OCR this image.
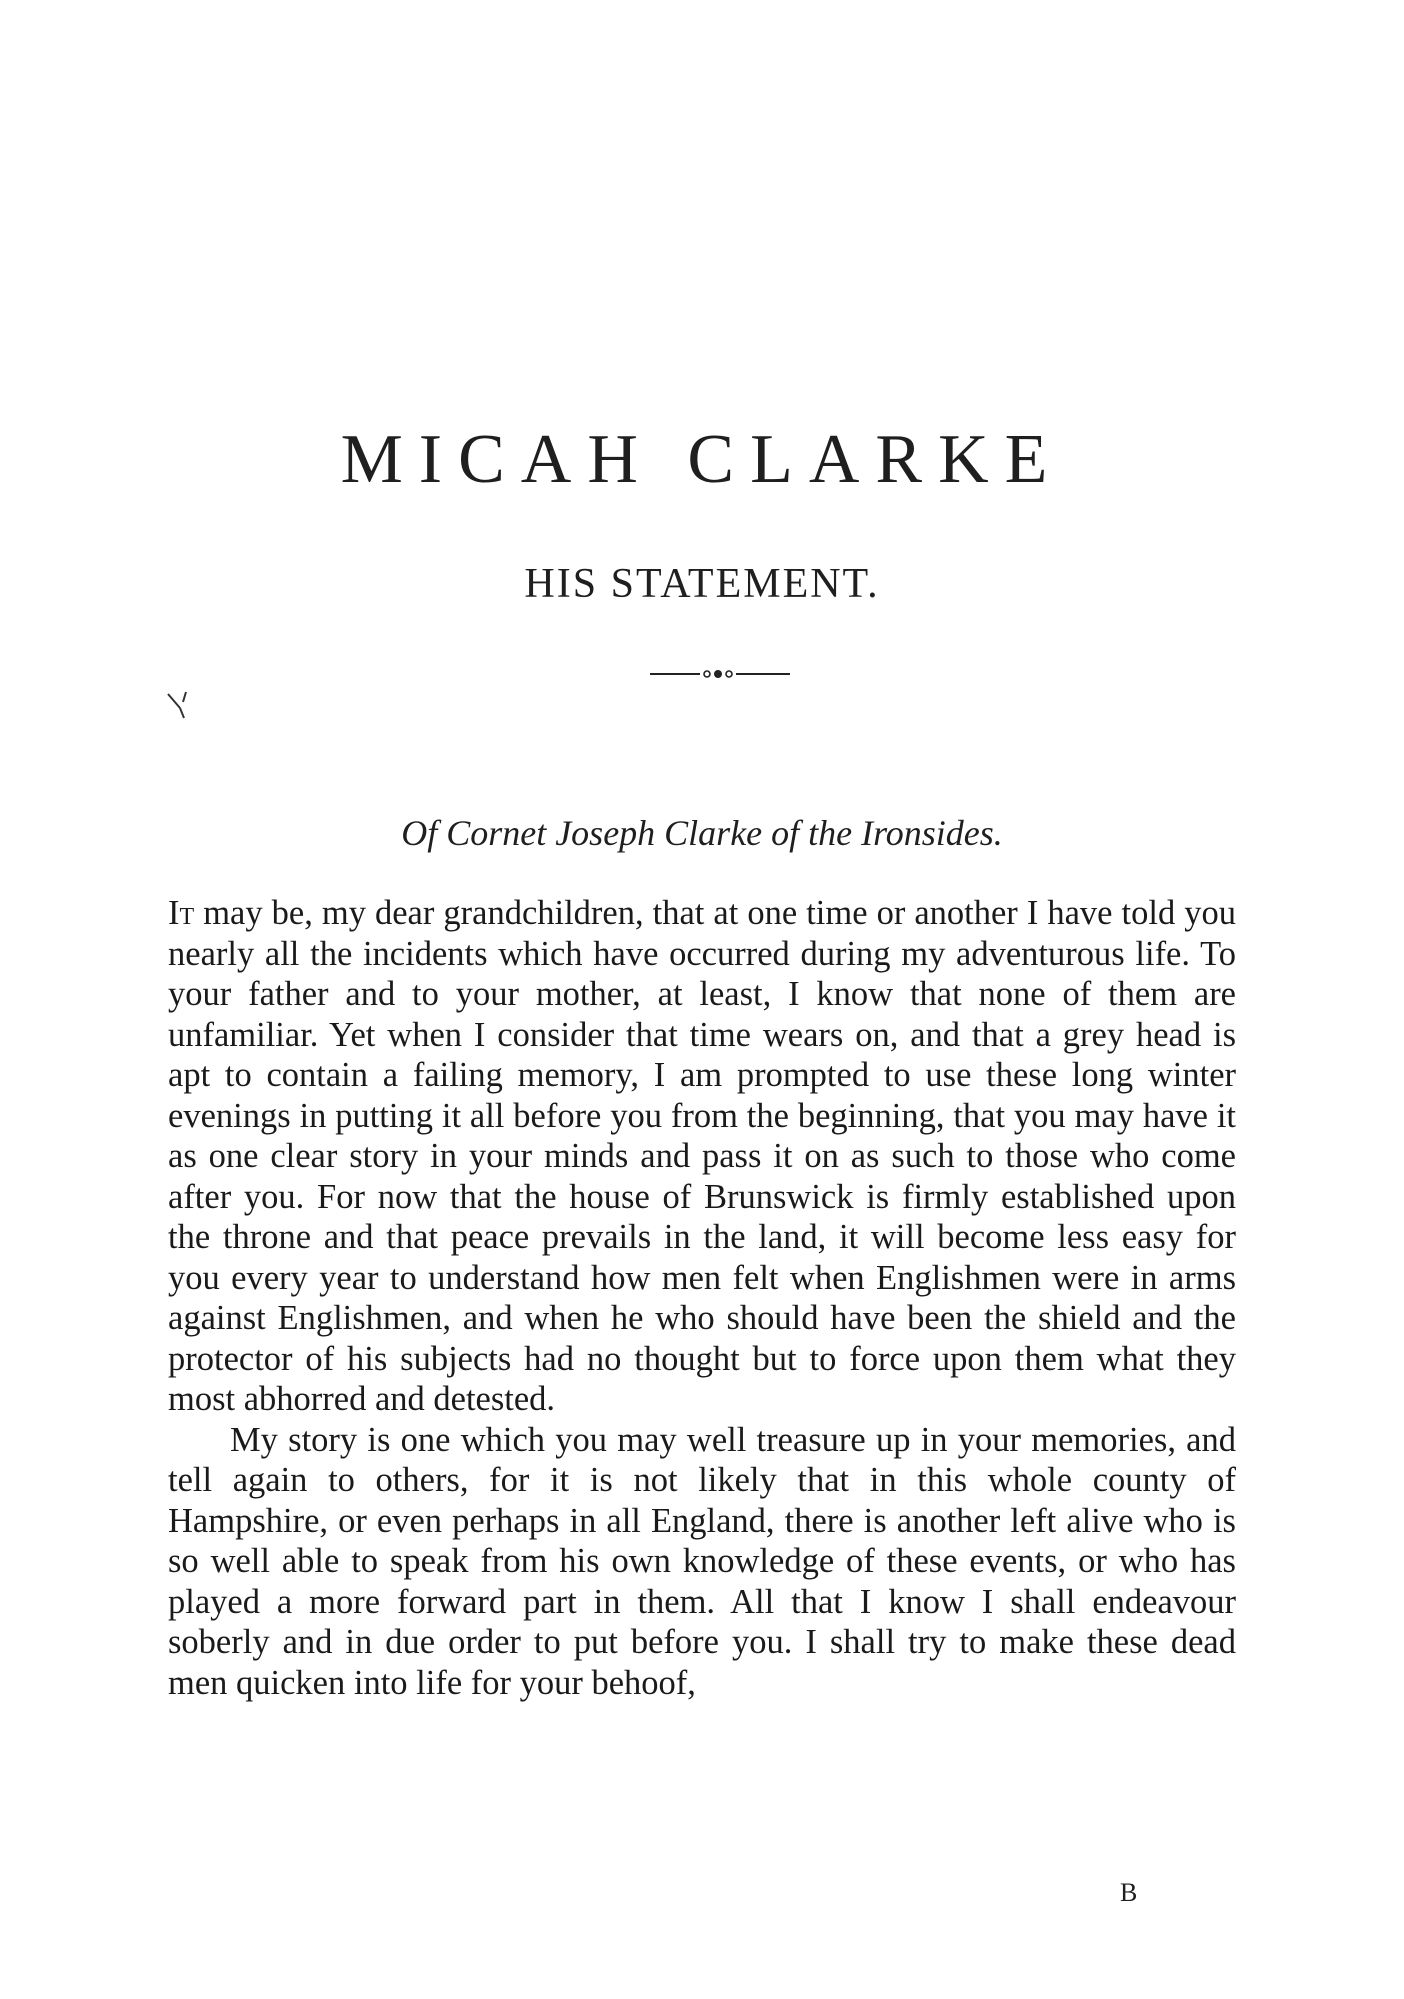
MICAH CLARKE
HIS STATEMENT.
Of Cornet Joseph Clarke of the Ironsides.

It may be, my dear grandchildren, that at one time or another I have told you nearly all the incidents which have occurred during my adventurous life. To your father and to your mother, at least, I know that none of them are unfamiliar. Yet when I consider that time wears on, and that a grey head is apt to contain a failing memory, I am prompted to use these long winter evenings in putting it all before you from the beginning, that you may have it as one clear story in your minds and pass it on as such to those who come after you. For now that the house of Brunswick is firmly established upon the throne and that peace prevails in the land, it will become less easy for you every year to understand how men felt when Englishmen were in arms against Englishmen, and when he who should have been the shield and the protector of his subjects had no thought but to force upon them what they most abhorred and detested.

My story is one which you may well treasure up in your memories, and tell again to others, for it is not likely that in this whole county of Hampshire, or even perhaps in all England, there is another left alive who is so well able to speak from his own knowledge of these events, or who has played a more forward part in them. All that I know I shall endeavour soberly and in due order to put before you. I shall try to make these dead men quicken into life for your behoof,

B
